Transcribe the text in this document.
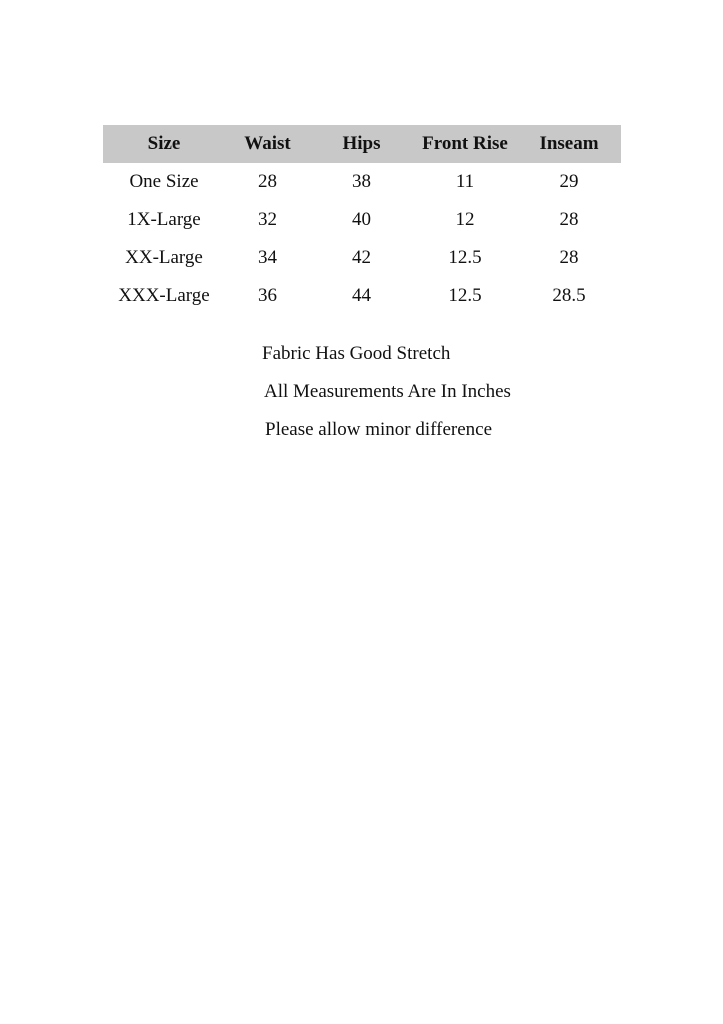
Size	Waist	Hips	Front Rise	Inseam
One Size	28	38	11	29
1X-Large	32	40	12	28
XX-Large	34	42	12.5	28
XXX-Large	36	44	12.5	28.5
Fabric Has Good Stretch
All Measurements Are In Inches
Please allow minor difference
